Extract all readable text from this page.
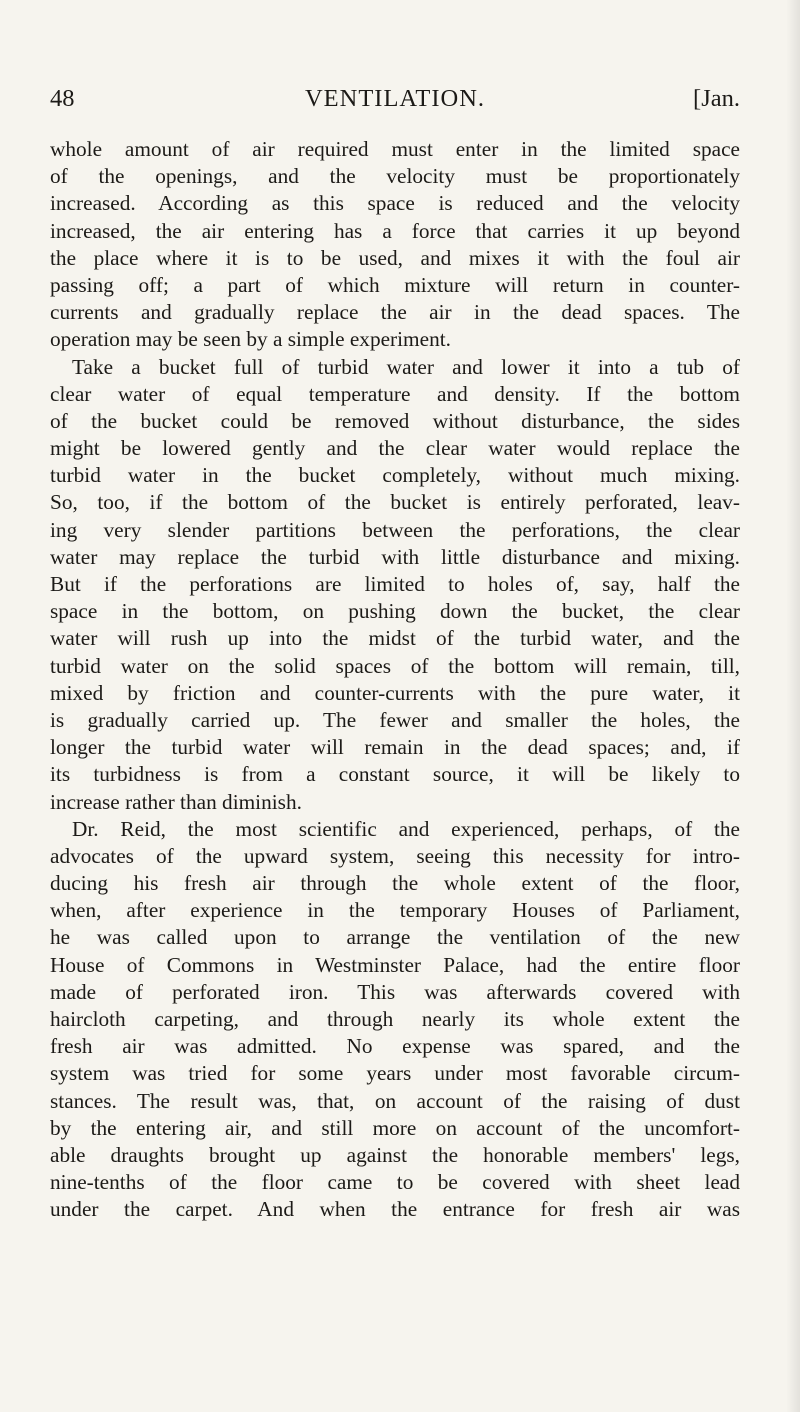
48	VENTILATION.	[Jan.
whole amount of air required must enter in the limited space
of the openings, and the velocity must be proportionately
increased. According as this space is reduced and the velocity
increased, the air entering has a force that carries it up beyond
the place where it is to be used, and mixes it with the foul air
passing off; a part of which mixture will return in counter-
currents and gradually replace the air in the dead spaces. The
operation may be seen by a simple experiment.
Take a bucket full of turbid water and lower it into a tub of
clear water of equal temperature and density. If the bottom
of the bucket could be removed without disturbance, the sides
might be lowered gently and the clear water would replace the
turbid water in the bucket completely, without much mixing.
So, too, if the bottom of the bucket is entirely perforated, leav-
ing very slender partitions between the perforations, the clear
water may replace the turbid with little disturbance and mixing.
But if the perforations are limited to holes of, say, half the
space in the bottom, on pushing down the bucket, the clear
water will rush up into the midst of the turbid water, and the
turbid water on the solid spaces of the bottom will remain, till,
mixed by friction and counter-currents with the pure water, it
is gradually carried up. The fewer and smaller the holes, the
longer the turbid water will remain in the dead spaces; and, if
its turbidness is from a constant source, it will be likely to
increase rather than diminish.
Dr. Reid, the most scientific and experienced, perhaps, of the
advocates of the upward system, seeing this necessity for intro-
ducing his fresh air through the whole extent of the floor,
when, after experience in the temporary Houses of Parliament,
he was called upon to arrange the ventilation of the new
House of Commons in Westminster Palace, had the entire floor
made of perforated iron. This was afterwards covered with
haircloth carpeting, and through nearly its whole extent the
fresh air was admitted. No expense was spared, and the
system was tried for some years under most favorable circum-
stances. The result was, that, on account of the raising of dust
by the entering air, and still more on account of the uncomfort-
able draughts brought up against the honorable members' legs,
nine-tenths of the floor came to be covered with sheet lead
under the carpet. And when the entrance for fresh air was
